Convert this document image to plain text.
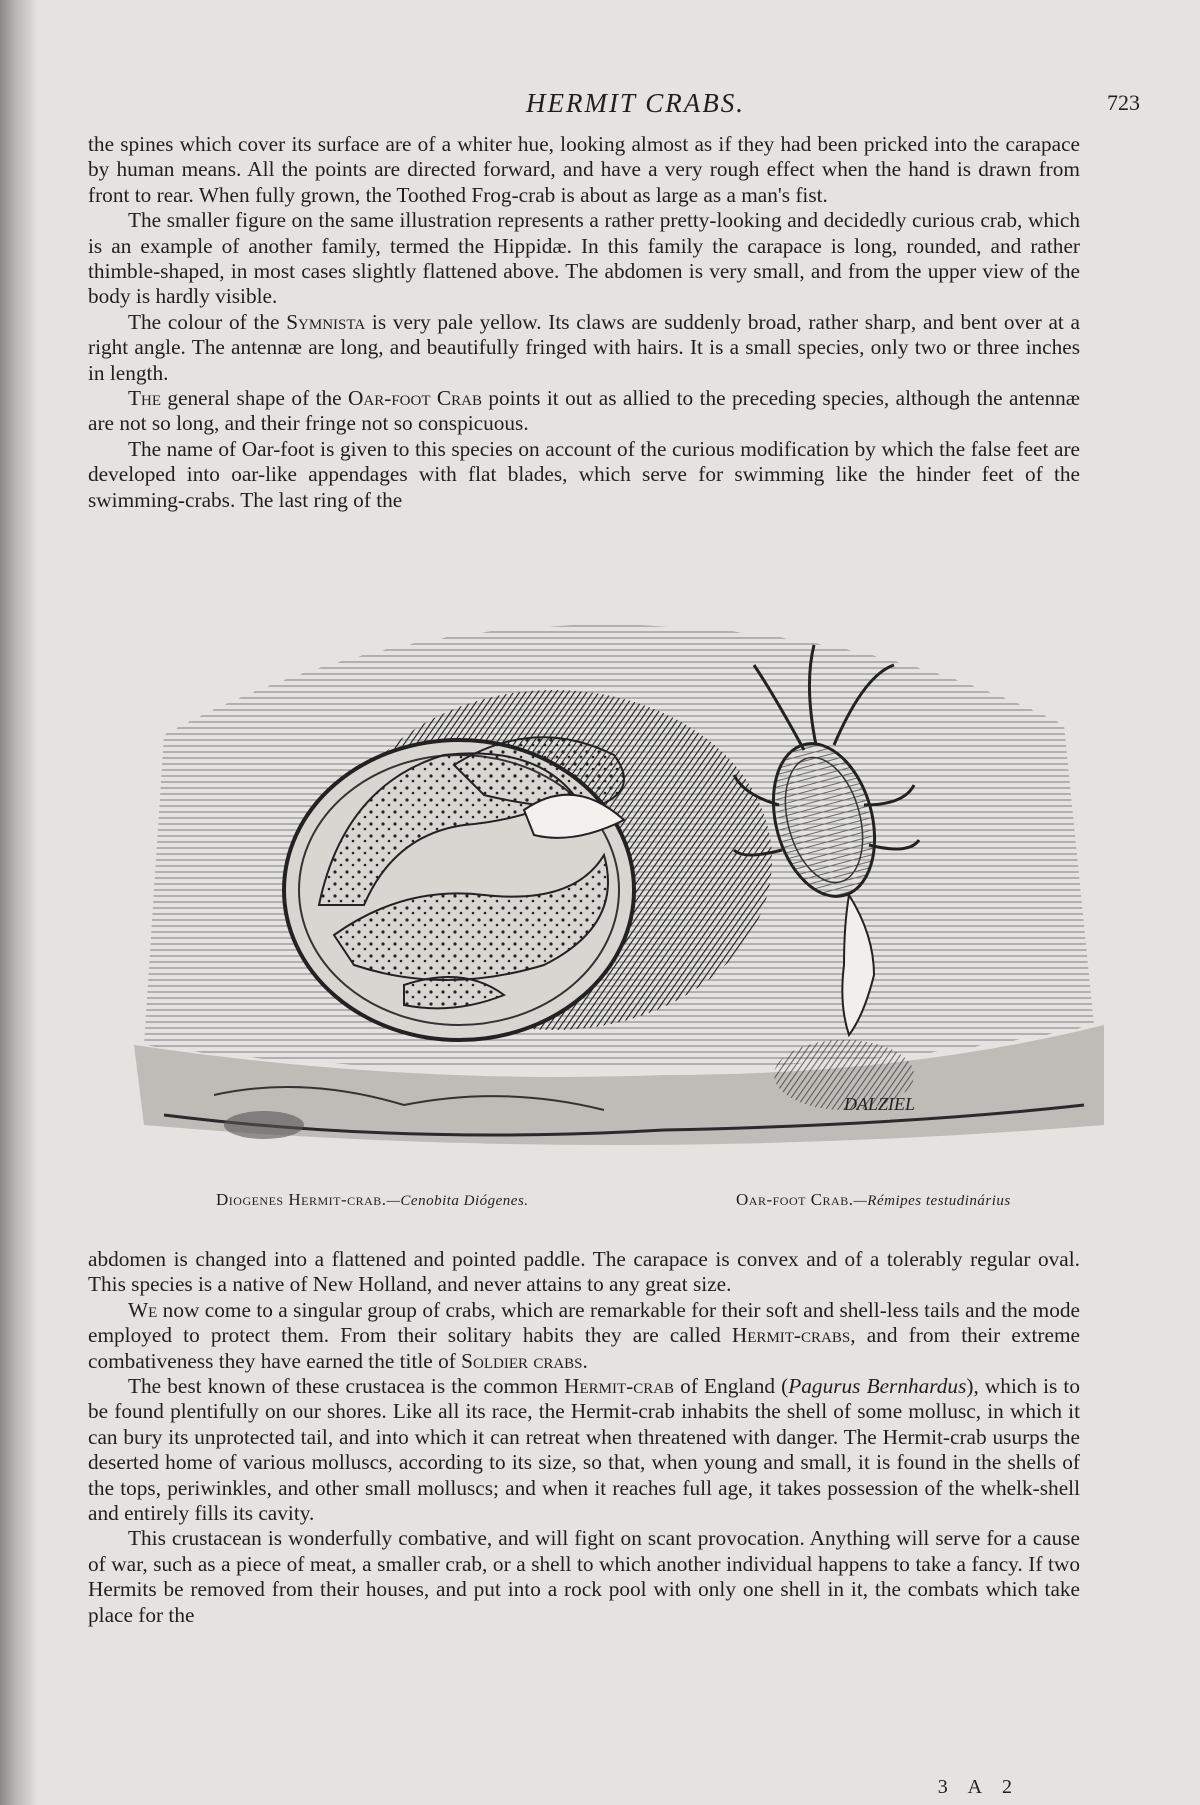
HERMIT CRABS.	723

the spines which cover its surface are of a whiter hue, looking almost as if they had been pricked into the carapace by human means. All the points are directed forward, and have a very rough effect when the hand is drawn from front to rear. When fully grown, the Toothed Frog-crab is about as large as a man's fist.

The smaller figure on the same illustration represents a rather pretty-looking and decidedly curious crab, which is an example of another family, termed the Hippidæ. In this family the carapace is long, rounded, and rather thimble-shaped, in most cases slightly flattened above. The abdomen is very small, and from the upper view of the body is hardly visible.

The colour of the Symnista is very pale yellow. Its claws are suddenly broad, rather sharp, and bent over at a right angle. The antennæ are long, and beautifully fringed with hairs. It is a small species, only two or three inches in length.

The general shape of the Oar-foot Crab points it out as allied to the preceding species, although the antennæ are not so long, and their fringe not so conspicuous.

The name of Oar-foot is given to this species on account of the curious modification by which the false feet are developed into oar-like appendages with flat blades, which serve for swimming like the hinder feet of the swimming-crabs. The last ring of the

DALZIEL
Diogenes Hermit-crab.—Cenobita Diógenes.	Oar-foot Crab.—Rémipes testudinárius

abdomen is changed into a flattened and pointed paddle. The carapace is convex and of a tolerably regular oval. This species is a native of New Holland, and never attains to any great size.

We now come to a singular group of crabs, which are remarkable for their soft and shell-less tails and the mode employed to protect them. From their solitary habits they are called Hermit-crabs, and from their extreme combativeness they have earned the title of Soldier crabs.

The best known of these crustacea is the common Hermit-crab of England (Pagurus Bernhardus), which is to be found plentifully on our shores. Like all its race, the Hermit-crab inhabits the shell of some mollusc, in which it can bury its unprotected tail, and into which it can retreat when threatened with danger. The Hermit-crab usurps the deserted home of various molluscs, according to its size, so that, when young and small, it is found in the shells of the tops, periwinkles, and other small molluscs; and when it reaches full age, it takes possession of the whelk-shell and entirely fills its cavity.

This crustacean is wonderfully combative, and will fight on scant provocation. Anything will serve for a cause of war, such as a piece of meat, a smaller crab, or a shell to which another individual happens to take a fancy. If two Hermits be removed from their houses, and put into a rock pool with only one shell in it, the combats which take place for the

3 A 2
